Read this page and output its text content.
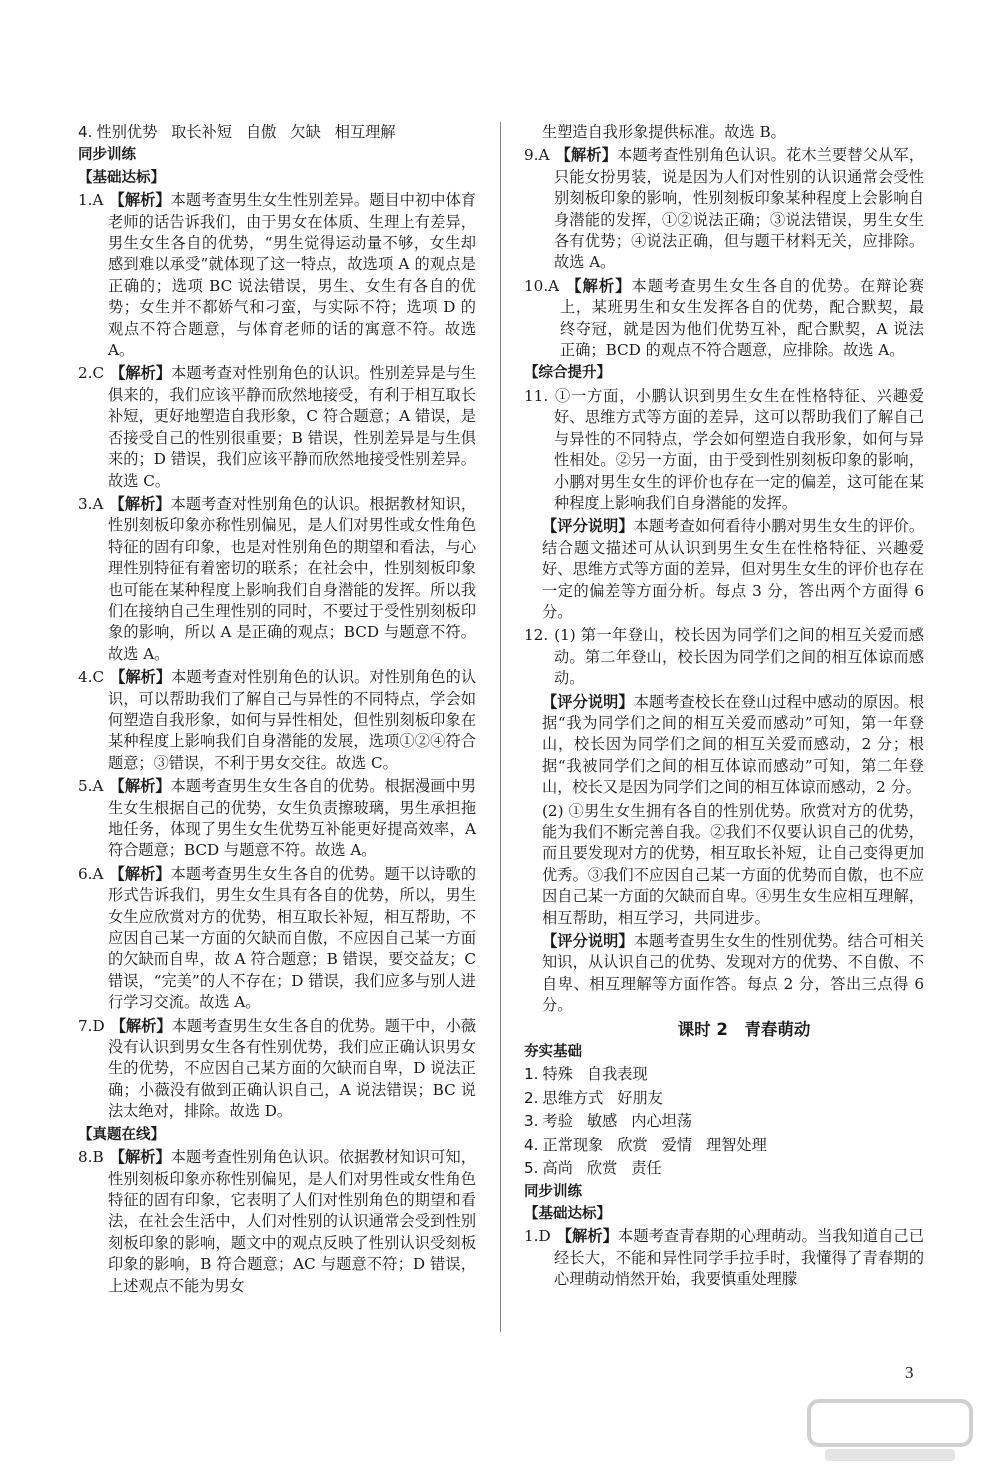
4. 性别优势 取长补短 自傲 欠缺 相互理解
同步训练
【基础达标】
1.A 【解析】本题考查男生女生性别差异。题目中初中体育老师的话告诉我们，由于男女在体质、生理上有差异，男生女生各自的优势，“男生觉得运动量不够，女生却感到难以承受”就体现了这一特点，故选项 A 的观点是正确的；选项 BC 说法错误，男生、女生有各自的优势；女生并不都娇气和刁蛮，与实际不符；选项 D 的观点不符合题意，与体育老师的话的寓意不符。故选 A。
2.C 【解析】本题考查对性别角色的认识。性别差异是与生俱来的，我们应该平静而欣然地接受，有利于相互取长补短，更好地塑造自我形象，C 符合题意；A 错误，是否接受自己的性别很重要；B 错误，性别差异是与生俱来的；D 错误，我们应该平静而欣然地接受性别差异。故选 C。
3.A 【解析】本题考查对性别角色的认识。根据教材知识，性别刻板印象亦称性别偏见，是人们对男性或女性角色特征的固有印象，也是对性别角色的期望和看法，与心理性别特征有着密切的联系；在社会中，性别刻板印象也可能在某种程度上影响我们自身潜能的发挥。所以我们在接纳自己生理性别的同时，不要过于受性别刻板印象的影响，所以 A 是正确的观点；BCD 与题意不符。故选 A。
4.C 【解析】本题考查对性别角色的认识。对性别角色的认识，可以帮助我们了解自己与异性的不同特点，学会如何塑造自我形象，如何与异性相处，但性别刻板印象在某种程度上影响我们自身潜能的发展，选项①②④符合题意；③错误，不利于男女交往。故选 C。
5.A 【解析】本题考查男生女生各自的优势。根据漫画中男生女生根据自己的优势，女生负责擦玻璃，男生承担拖地任务，体现了男生女生优势互补能更好提高效率，A 符合题意；BCD 与题意不符。故选 A。
6.A 【解析】本题考查男生女生各自的优势。题干以诗歌的形式告诉我们，男生女生具有各自的优势，所以，男生女生应欣赏对方的优势，相互取长补短，相互帮助，不应因自己某一方面的欠缺而自傲，不应因自己某一方面的欠缺而自卑，故 A 符合题意；B 错误，要交益友；C 错误，“完美”的人不存在；D 错误，我们应多与别人进行学习交流。故选 A。
7.D 【解析】本题考查男生女生各自的优势。题干中，小薇没有认识到男女生各有性别优势，我们应正确认识男女生的优势，不应因自己某方面的欠缺而自卑，D 说法正确；小薇没有做到正确认识自己，A 说法错误；BC 说法太绝对，排除。故选 D。
【真题在线】
8.B 【解析】本题考查性别角色认识。依据教材知识可知，性别刻板印象亦称性别偏见，是人们对男性或女性角色特征的固有印象，它表明了人们对性别角色的期望和看法，在社会生活中，人们对性别的认识通常会受到性别刻板印象的影响，题文中的观点反映了性别认识受刻板印象的影响，B 符合题意；AC 与题意不符；D 错误，上述观点不能为男女
生塑造自我形象提供标准。故选 B。
9.A 【解析】本题考查性别角色认识。花木兰要替父从军，只能女扮男装，说是因为人们对性别的认识通常会受性别刻板印象的影响，性别刻板印象某种程度上会影响自身潜能的发挥，①②说法正确；③说法错误，男生女生各有优势；④说法正确，但与题干材料无关，应排除。故选 A。
10.A 【解析】本题考查男生女生各自的优势。在辩论赛上，某班男生和女生发挥各自的优势，配合默契，最终夺冠，就是因为他们优势互补，配合默契，A 说法正确；BCD 的观点不符合题意，应排除。故选 A。
【综合提升】
11. ①一方面，小鹏认识到男生女生在性格特征、兴趣爱好、思维方式等方面的差异，这可以帮助我们了解自己与异性的不同特点，学会如何塑造自我形象，如何与异性相处。②另一方面，由于受到性别刻板印象的影响，小鹏对男生女生的评价也存在一定的偏差，这可能在某种程度上影响我们自身潜能的发挥。
【评分说明】本题考查如何看待小鹏对男生女生的评价。结合题文描述可从认识到男生女生在性格特征、兴趣爱好、思维方式等方面的差异，但对男生女生的评价也存在一定的偏差等方面分析。每点 3 分，答出两个方面得 6 分。
12. (1) 第一年登山，校长因为同学们之间的相互关爱而感动。第二年登山，校长因为同学们之间的相互体谅而感动。
【评分说明】本题考查校长在登山过程中感动的原因。根据“我为同学们之间的相互关爱而感动”可知，第一年登山，校长因为同学们之间的相互关爱而感动，2 分；根据“我被同学们之间的相互体谅而感动”可知，第二年登山，校长又是因为同学们之间的相互体谅而感动，2 分。
(2) ①男生女生拥有各自的性别优势。欣赏对方的优势，能为我们不断完善自我。②我们不仅要认识自己的优势，而且要发现对方的优势，相互取长补短，让自己变得更加优秀。③我们不应因自己某一方面的优势而自傲，也不应因自己某一方面的欠缺而自卑。④男生女生应相互理解，相互帮助，相互学习，共同进步。
【评分说明】本题考查男生女生的性别优势。结合可相关知识，从认识自己的优势、发现对方的优势、不自傲、不自卑、相互理解等方面作答。每点 2 分，答出三点得 6 分。
课时 2　青春萌动
夯实基础
1. 特殊 自我表现
2. 思维方式 好朋友
3. 考验 敏感 内心坦荡
4. 正常现象 欣赏 爱情 理智处理
5. 高尚 欣赏 责任
同步训练
【基础达标】
1.D 【解析】本题考查青春期的心理萌动。当我知道自己已经长大，不能和异性同学手拉手时，我懂得了青春期的心理萌动悄然开始，我要慎重处理朦
3
